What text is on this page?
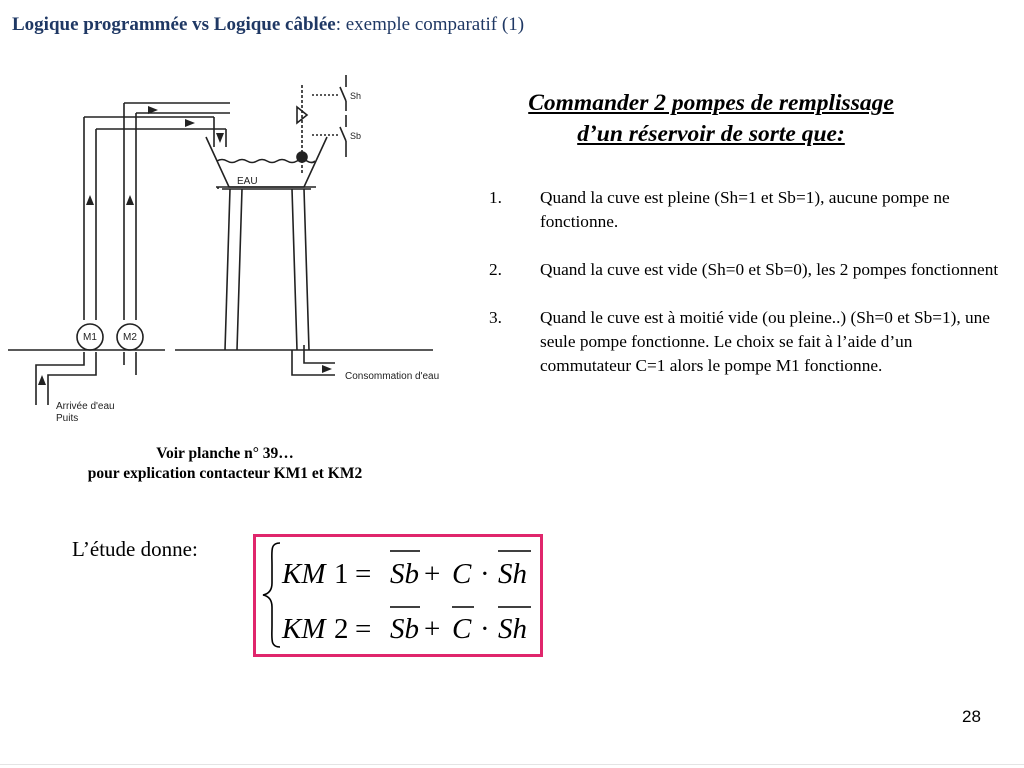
Logique programmée vs Logique câblée: exemple comparatif (1)
Sh
Sb
EAU
M1	M2
Consommation d'eau
Arrivée d'eau
Puits
Voir planche n° 39…
pour explication contacteur KM1 et KM2
Commander 2 pompes de remplissage
d’un réservoir de sorte que:
1. Quand la cuve est pleine (Sh=1 et Sb=1), aucune pompe ne fonctionne.
2. Quand la cuve est vide (Sh=0 et Sb=0), les 2 pompes fonctionnent
3. Quand le cuve est à moitié vide (ou pleine..) (Sh=0 et Sb=1), une seule pompe fonctionne. Le choix se fait à l’aide d’un commutateur C=1 alors le pompe M1 fonctionne.
L’étude donne:
KM 1 = Sb + C · Sh
KM 2 = Sb + C · Sh
28
